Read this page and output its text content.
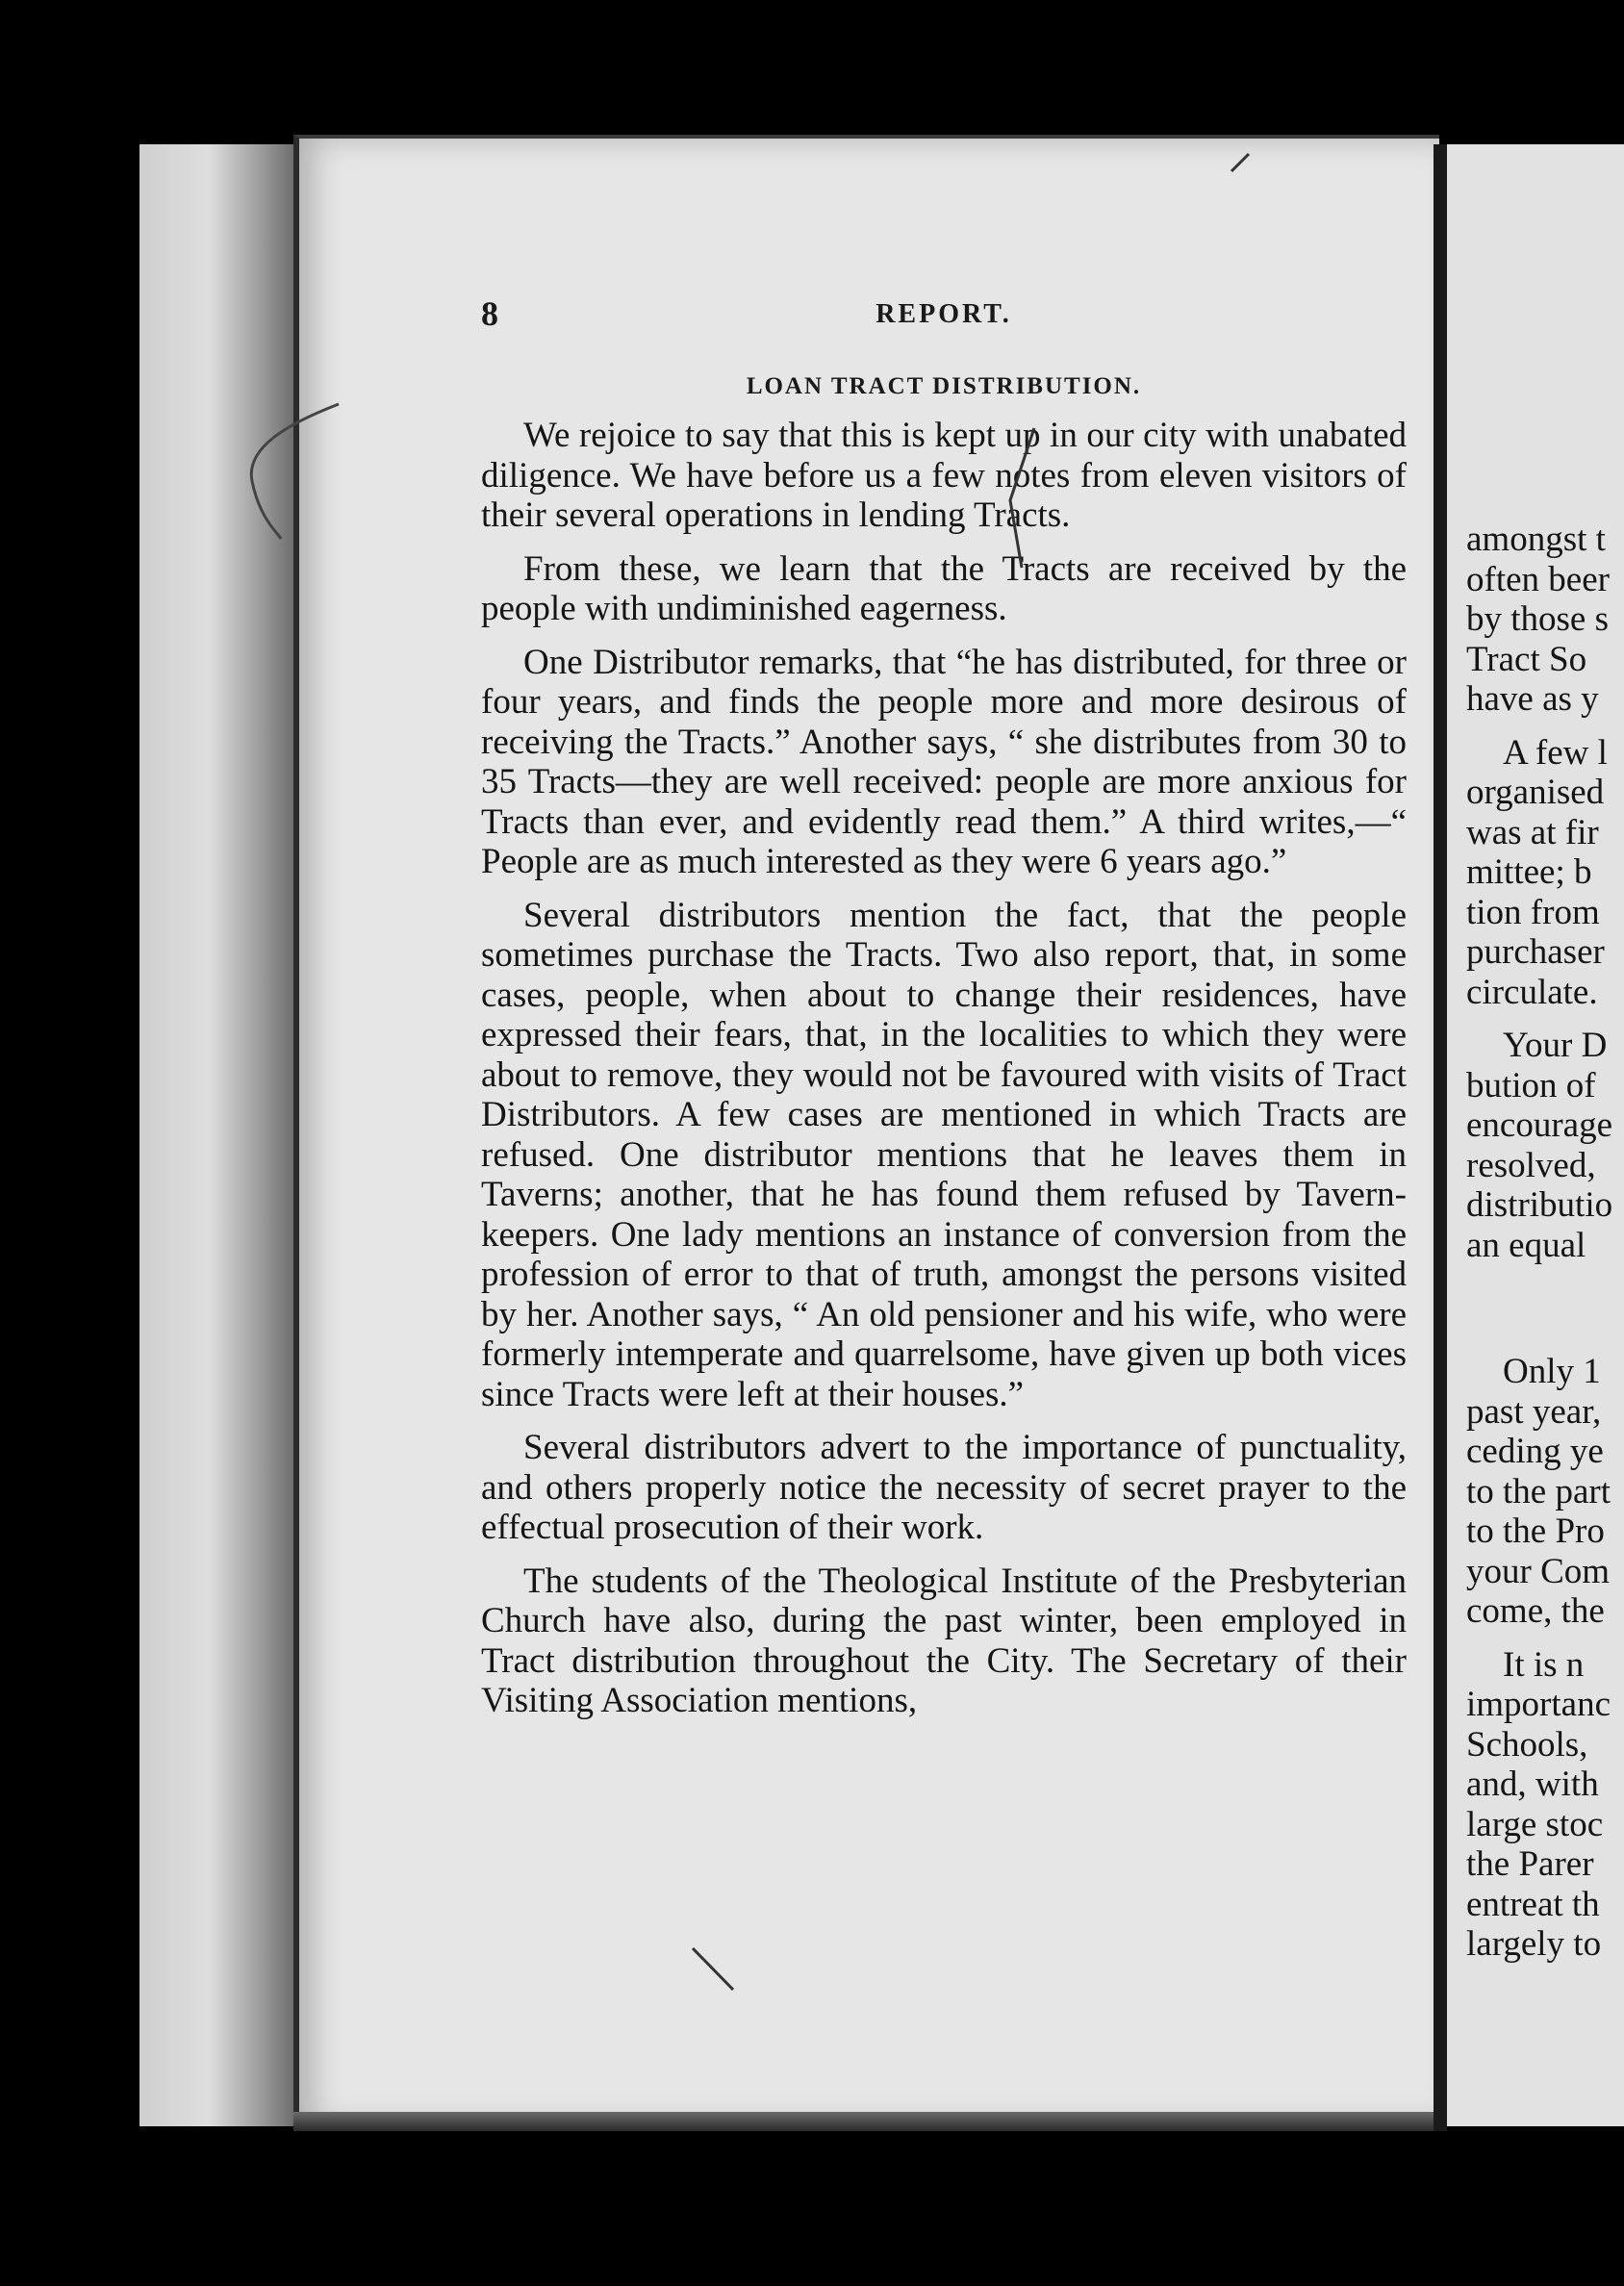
amongst t
often beer
by those s
Tract So
have as y
A few l
organised
was at fir
mittee; b
tion from
purchaser
circulate.
Your D
bution of
encourage
resolved,
distributio
an equal
Only 1
past year,
ceding ye
to the part
to the Pro
your Com
come, the
It is n
importanc
Schools,
and, with
large stoc
the Parer
entreat th
largely to
8	REPORT.
LOAN TRACT DISTRIBUTION.

We rejoice to say that this is kept up in our city with unabated diligence. We have before us a few notes from eleven visitors of their several operations in lending Tracts.

From these, we learn that the Tracts are received by the people with undiminished eagerness.

One Distributor remarks, that “he has distributed, for three or four years, and finds the people more and more desirous of receiving the Tracts.” Another says, “ she distributes from 30 to 35 Tracts—they are well received: people are more anxious for Tracts than ever, and evidently read them.” A third writes,—“ People are as much interested as they were 6 years ago.”

Several distributors mention the fact, that the people sometimes purchase the Tracts. Two also report, that, in some cases, people, when about to change their residences, have expressed their fears, that, in the localities to which they were about to remove, they would not be favoured with visits of Tract Distributors. A few cases are mentioned in which Tracts are refused. One distributor mentions that he leaves them in Taverns; another, that he has found them refused by Tavern-keepers. One lady mentions an instance of conversion from the profession of error to that of truth, amongst the persons visited by her. Another says, “ An old pensioner and his wife, who were formerly intemperate and quarrelsome, have given up both vices since Tracts were left at their houses.”

Several distributors advert to the importance of punctuality, and others properly notice the necessity of secret prayer to the effectual prosecution of their work.

The students of the Theological Institute of the Presbyterian Church have also, during the past winter, been employed in Tract distribution throughout the City. The Secretary of their Visiting Association mentions,
